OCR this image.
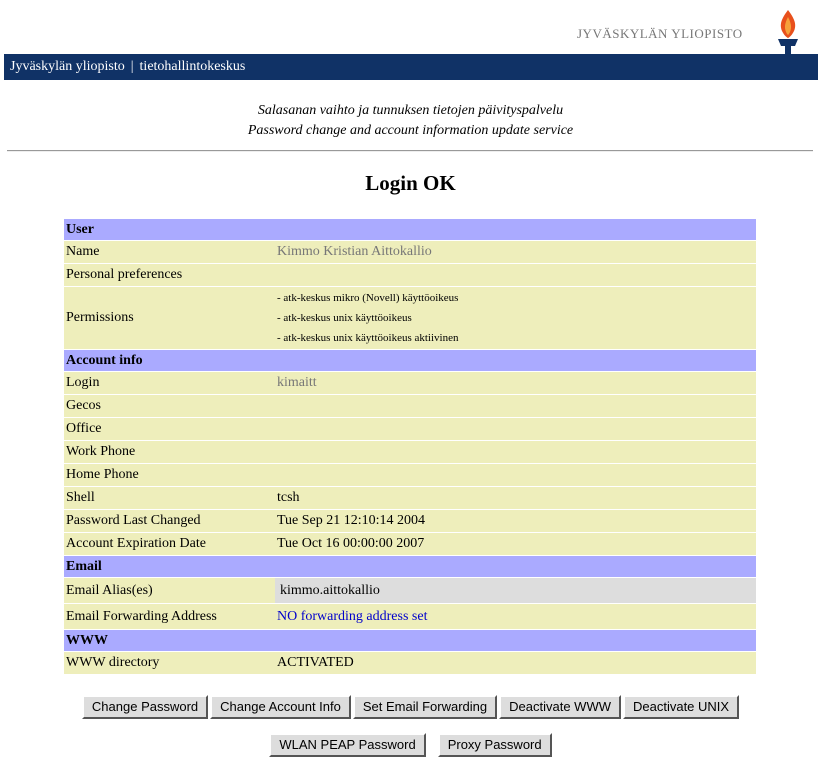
JYVÄSKYLÄN YLIOPISTO
Jyväskylän yliopisto | tietohallintokeskus
Salasanan vaihto ja tunnuksen tietojen päivityspalvelu
Password change and account information update service
Login OK
User	
Name	Kimmo Kristian Aittokallio
Personal preferences	
Permissions	- atk-keskus mikro (Novell) käyttöoikeus
- atk-keskus unix käyttöoikeus
- atk-keskus unix käyttöoikeus aktiivinen

Account info	
Login	kimaitt
Gecos	
Office	
Work Phone	
Home Phone	
Shell	tcsh
Password Last Changed	Tue Sep 21 12:10:14 2004
Account Expiration Date	Tue Oct 16 00:00:00 2007
Email	
Email Alias(es)	kimmo.aittokallio
Email Forwarding Address	NO forwarding address set
WWW	
WWW directory	ACTIVATED
Change Password Change Account Info Set Email Forwarding Deactivate WWW Deactivate UNIX
WLAN PEAP Password Proxy Password
